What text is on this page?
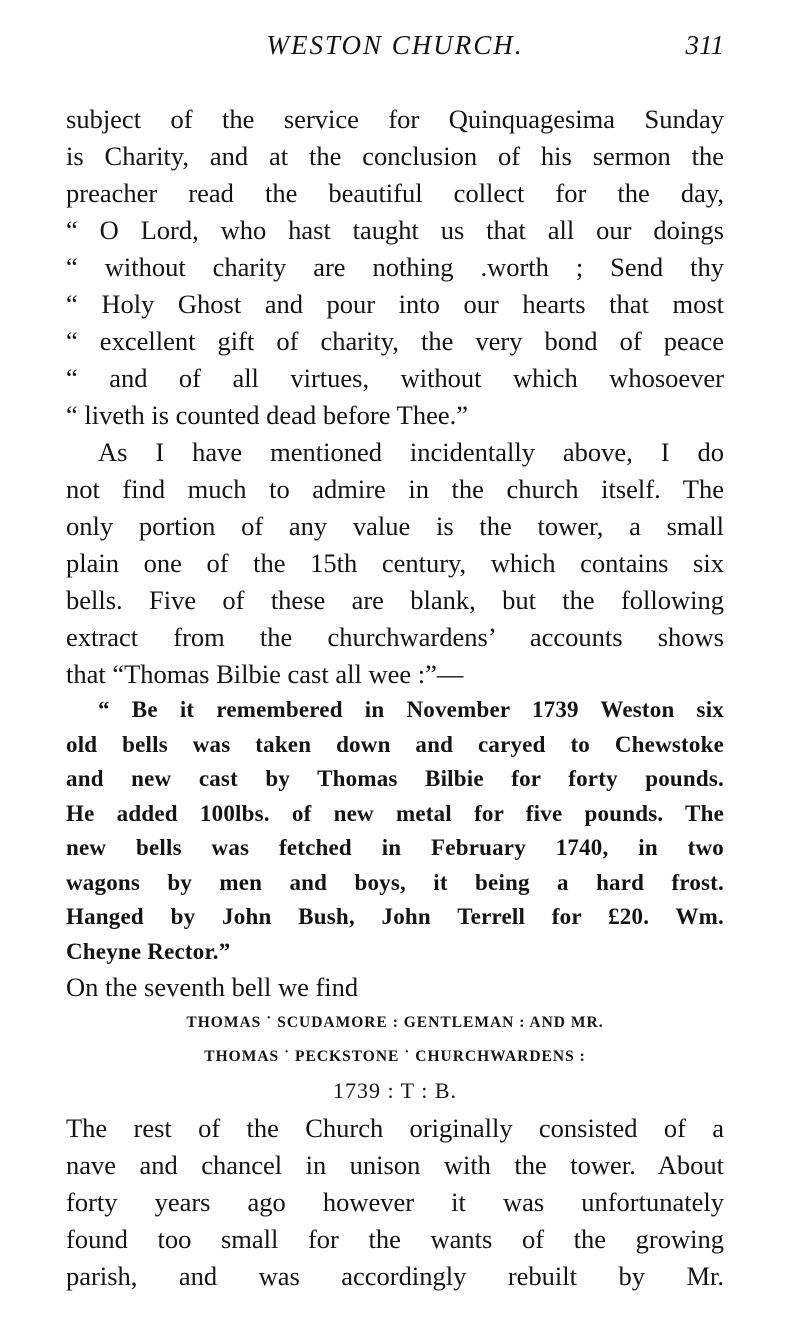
WESTON CHURCH.	311
subject of the service for Quinquagesima Sunday
is Charity, and at the conclusion of his sermon the
preacher read the beautiful collect for the day,
“ O Lord, who hast taught us that all our doings
“ without charity are nothing .worth ; Send thy
“ Holy Ghost and pour into our hearts that most
“ excellent gift of charity, the very bond of peace
“ and of all virtues, without which whosoever
“ liveth is counted dead before Thee.”
As I have mentioned incidentally above, I do
not find much to admire in the church itself. The
only portion of any value is the tower, a small
plain one of the 15th century, which contains six
bells. Five of these are blank, but the following
extract from the churchwardens’ accounts shows
that “Thomas Bilbie cast all wee :”—
“ Be it remembered in November 1739 Weston six
old bells was taken down and caryed to Chewstoke
and new cast by Thomas Bilbie for forty pounds.
He added 100lbs. of new metal for five pounds. The
new bells was fetched in February 1740, in two
wagons by men and boys, it being a hard frost.
Hanged by John Bush, John Terrell for £20. Wm.
Cheyne Rector.”
On the seventh bell we find
THOMAS ˙ SCUDAMORE : GENTLEMAN : AND MR.
THOMAS ˙ PECKSTONE ˙ CHURCHWARDENS :
1739 : T : B.
The rest of the Church originally consisted of a
nave and chancel in unison with the tower. About
forty years ago however it was unfortunately
found too small for the wants of the growing
parish, and was accordingly rebuilt by Mr.
